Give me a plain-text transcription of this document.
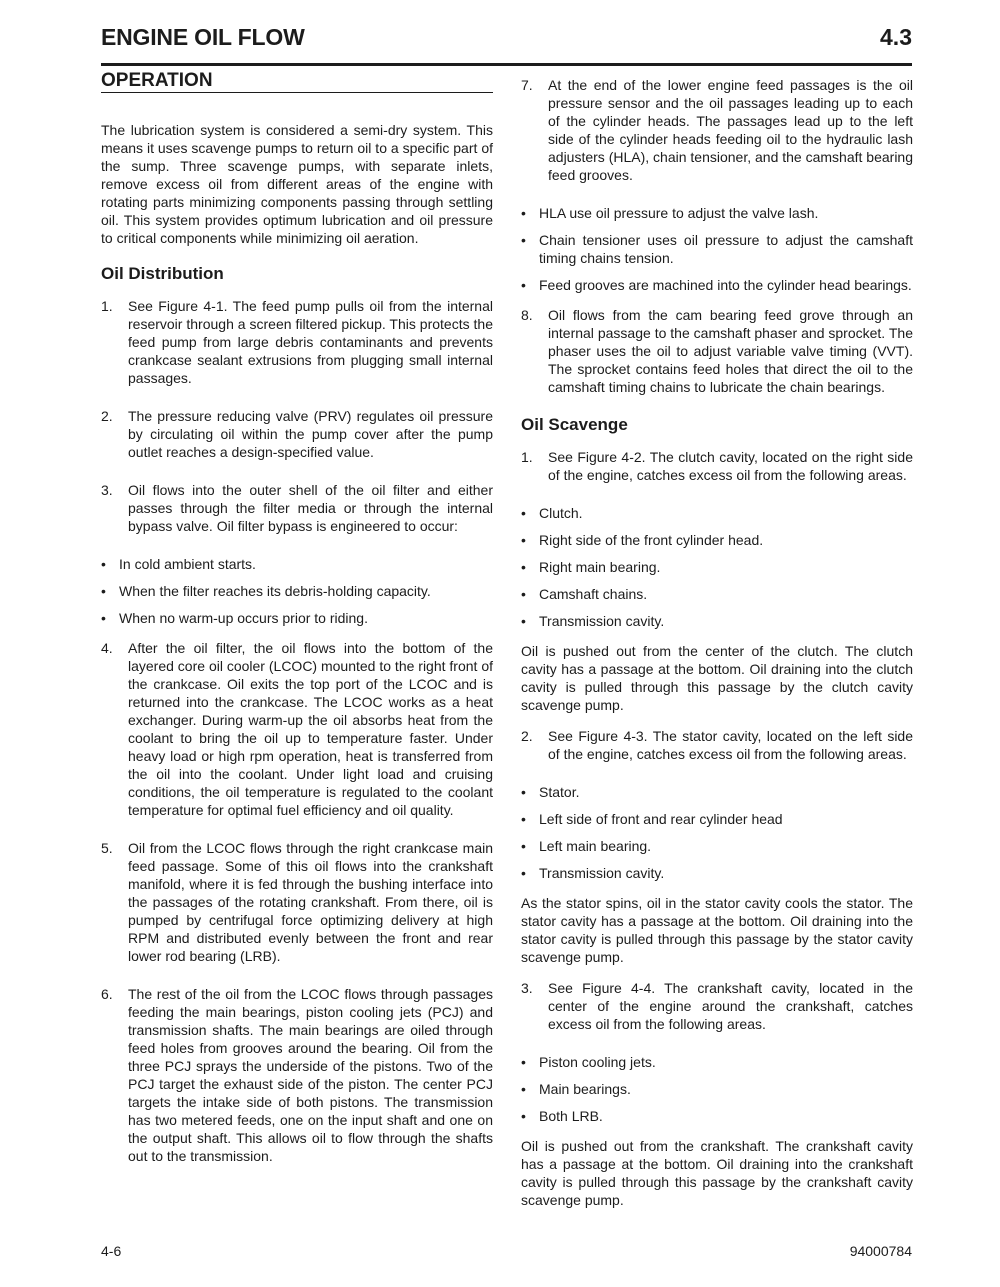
ENGINE OIL FLOW	4.3
OPERATION

The lubrication system is considered a semi-dry system. This means it uses scavenge pumps to return oil to a specific part of the sump. Three scavenge pumps, with separate inlets, remove excess oil from different areas of the engine with rotating parts minimizing components passing through settling oil. This system provides optimum lubrication and oil pressure to critical components while minimizing oil aeration.

Oil Distribution
1.	See Figure 4-1. The feed pump pulls oil from the internal reservoir through a screen filtered pickup. This protects the feed pump from large debris contaminants and prevents crankcase sealant extrusions from plugging small internal passages.
2.	The pressure reducing valve (PRV) regulates oil pressure by circulating oil within the pump cover after the pump outlet reaches a design-specified value.
3.	Oil flows into the outer shell of the oil filter and either passes through the filter media or through the internal bypass valve. Oil filter bypass is engineered to occur:
• In cold ambient starts.
• When the filter reaches its debris-holding capacity.
• When no warm-up occurs prior to riding.
4.	After the oil filter, the oil flows into the bottom of the layered core oil cooler (LCOC) mounted to the right front of the crankcase. Oil exits the top port of the LCOC and is returned into the crankcase. The LCOC works as a heat exchanger. During warm-up the oil absorbs heat from the coolant to bring the oil up to temperature faster. Under heavy load or high rpm operation, heat is transferred from the oil into the coolant. Under light load and cruising conditions, the oil temperature is regulated to the coolant temperature for optimal fuel efficiency and oil quality.
5.	Oil from the LCOC flows through the right crankcase main feed passage. Some of this oil flows into the crankshaft manifold, where it is fed through the bushing interface into the passages of the rotating crankshaft. From there, oil is pumped by centrifugal force optimizing delivery at high RPM and distributed evenly between the front and rear lower rod bearing (LRB).
6.	The rest of the oil from the LCOC flows through passages feeding the main bearings, piston cooling jets (PCJ) and transmission shafts. The main bearings are oiled through feed holes from grooves around the bearing. Oil from the three PCJ sprays the underside of the pistons. Two of the PCJ target the exhaust side of the piston. The center PCJ targets the intake side of both pistons. The transmission has two metered feeds, one on the input shaft and one on the output shaft. This allows oil to flow through the shafts out to the transmission.
7.	At the end of the lower engine feed passages is the oil pressure sensor and the oil passages leading up to each of the cylinder heads. The passages lead up to the left side of the cylinder heads feeding oil to the hydraulic lash adjusters (HLA), chain tensioner, and the camshaft bearing feed grooves.
• HLA use oil pressure to adjust the valve lash.
• Chain tensioner uses oil pressure to adjust the camshaft timing chains tension.
• Feed grooves are machined into the cylinder head bearings.
8.	Oil flows from the cam bearing feed grove through an internal passage to the camshaft phaser and sprocket. The phaser uses the oil to adjust variable valve timing (VVT). The sprocket contains feed holes that direct the oil to the camshaft timing chains to lubricate the chain bearings.
Oil Scavenge
1.	See Figure 4-2. The clutch cavity, located on the right side of the engine, catches excess oil from the following areas.
• Clutch.
• Right side of the front cylinder head.
• Right main bearing.
• Camshaft chains.
• Transmission cavity.

Oil is pushed out from the center of the clutch. The clutch cavity has a passage at the bottom. Oil draining into the clutch cavity is pulled through this passage by the clutch cavity scavenge pump.

2.	See Figure 4-3. The stator cavity, located on the left side of the engine, catches excess oil from the following areas.
• Stator.
• Left side of front and rear cylinder head
• Left main bearing.
• Transmission cavity.

As the stator spins, oil in the stator cavity cools the stator. The stator cavity has a passage at the bottom. Oil draining into the stator cavity is pulled through this passage by the stator cavity scavenge pump.

3.	See Figure 4-4. The crankshaft cavity, located in the center of the engine around the crankshaft, catches excess oil from the following areas.
• Piston cooling jets.
• Main bearings.
• Both LRB.

Oil is pushed out from the crankshaft. The crankshaft cavity has a passage at the bottom. Oil draining into the crankshaft cavity is pulled through this passage by the crankshaft cavity scavenge pump.

4-6	94000784
